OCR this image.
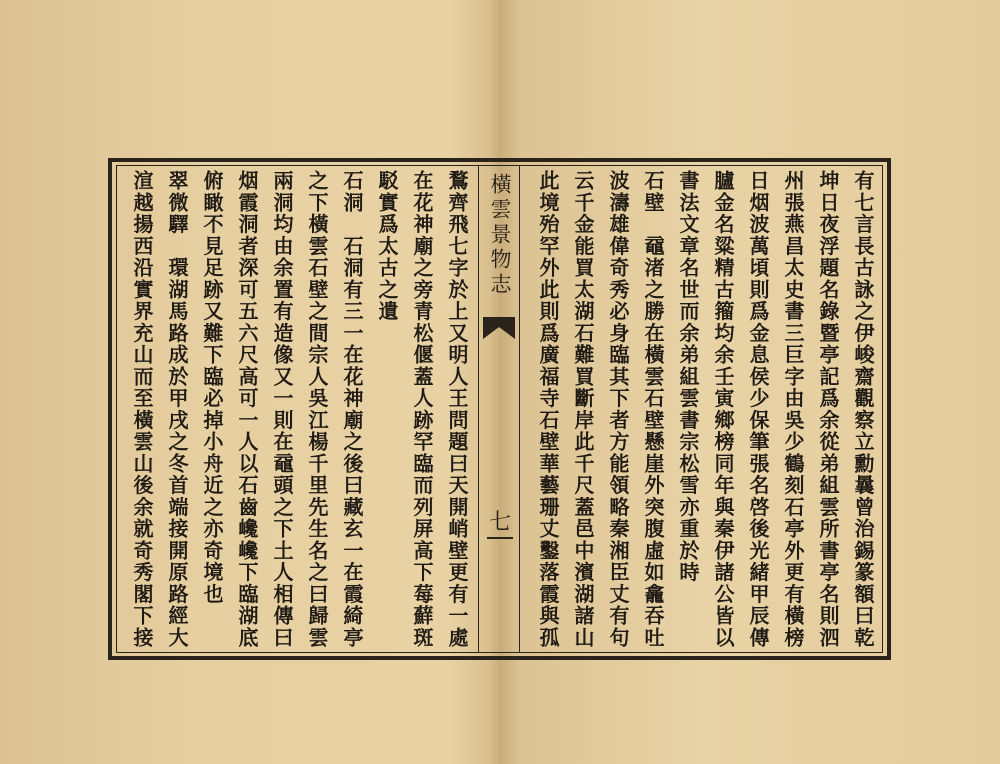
橫雲景物志
七	有七言長古詠之伊峻齋觀察立勳曩曾治錫篆額曰乾
坤日夜浮題名錄暨亭記爲余從弟組雲所書亭名則泗
州張燕昌太史書三巨字由吳少鶴刻石亭外更有橫榜
日烟波萬頃則爲金息侯少保筆張名啓後光緒甲辰傳
臚金名粱精古籀均余壬寅鄉榜同年與秦伊諸公皆以
書法文章名世而余弟組雲書宗松雪亦重於時
石壁　黿渚之勝在橫雲石壁懸崖外突腹虛如龕吞吐
波濤雄偉奇秀必身臨其下者方能領略秦湘臣丈有句
云千金能買太湖石難買斷岸此千尺蓋邑中濱湖諸山
此境殆罕外此則爲廣福寺石壁華藝珊丈鑿落霞與孤
鶩齊飛七字於上又明人王問題曰天開峭壁更有一處
在花神廟之旁青松偃蓋人跡罕臨而列屏高下莓蘚斑
駁實爲太古之遺
石洞　石洞有三一在花神廟之後曰藏玄一在霞綺亭
之下橫雲石壁之間宗人吳江楊千里先生名之曰歸雲
兩洞均由余置有造像又一則在黿頭之下土人相傳曰
烟霞洞者深可五六尺高可一人以石齒巉巉下臨湖底
俯瞰不見足跡又難下臨必掉小舟近之亦奇境也
翠微驛　環湖馬路成於甲戌之冬首端接開原路經大
渲越揚西沿實界充山而至橫雲山後余就奇秀閣下接
